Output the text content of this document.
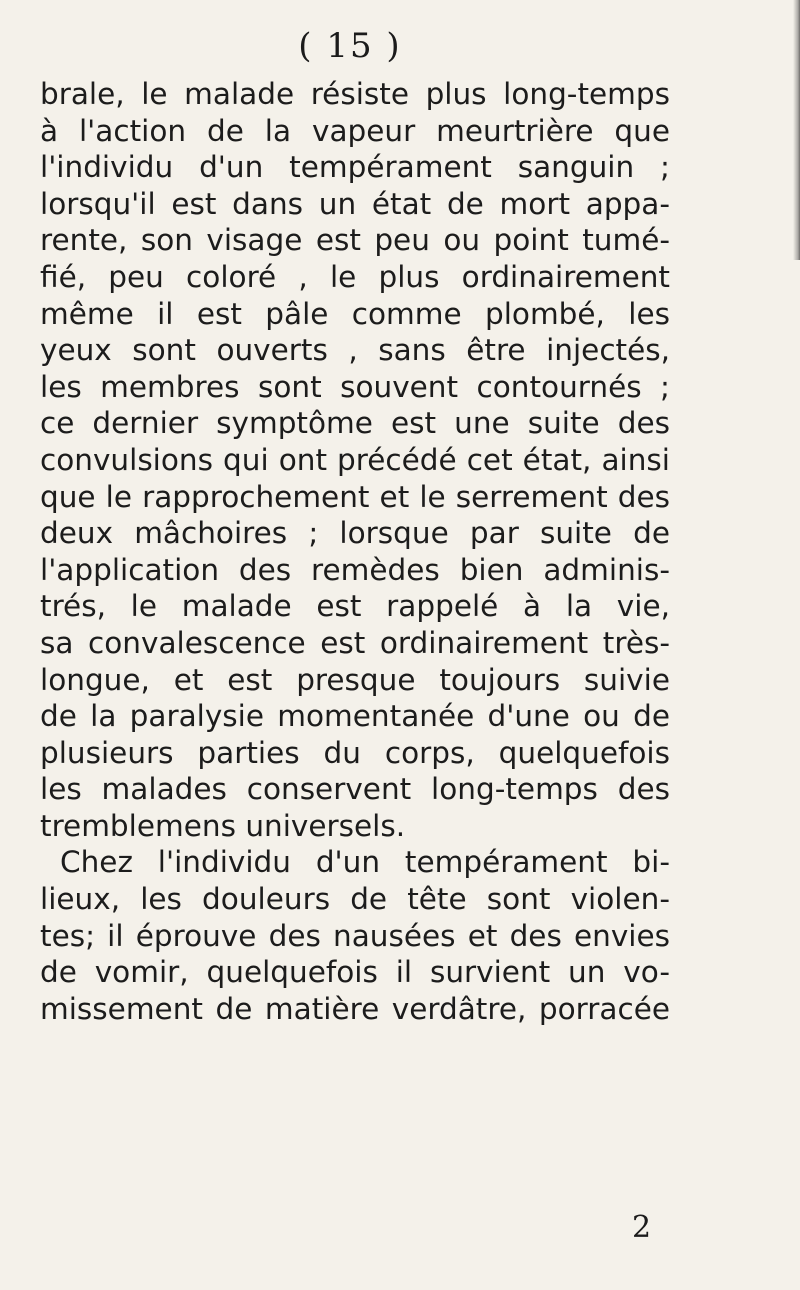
( 15 )
brale, le malade résiste plus long-temps
à l'action de la vapeur meurtrière que
l'individu d'un tempérament sanguin ;
lorsqu'il est dans un état de mort appa-
rente, son visage est peu ou point tumé-
fié, peu coloré , le plus ordinairement
même il est pâle comme plombé, les
yeux sont ouverts , sans être injectés,
les membres sont souvent contournés ;
ce dernier symptôme est une suite des
convulsions qui ont précédé cet état, ainsi
que le rapprochement et le serrement des
deux mâchoires ; lorsque par suite de
l'application des remèdes bien adminis-
trés, le malade est rappelé à la vie,
sa convalescence est ordinairement très-
longue, et est presque toujours suivie
de la paralysie momentanée d'une ou de
plusieurs parties du corps, quelquefois
les malades conservent long-temps des
tremblemens universels.
Chez l'individu d'un tempérament bi-
lieux, les douleurs de tête sont violen-
tes; il éprouve des nausées et des envies
de vomir, quelquefois il survient un vo-
missement de matière verdâtre, porracée
2
